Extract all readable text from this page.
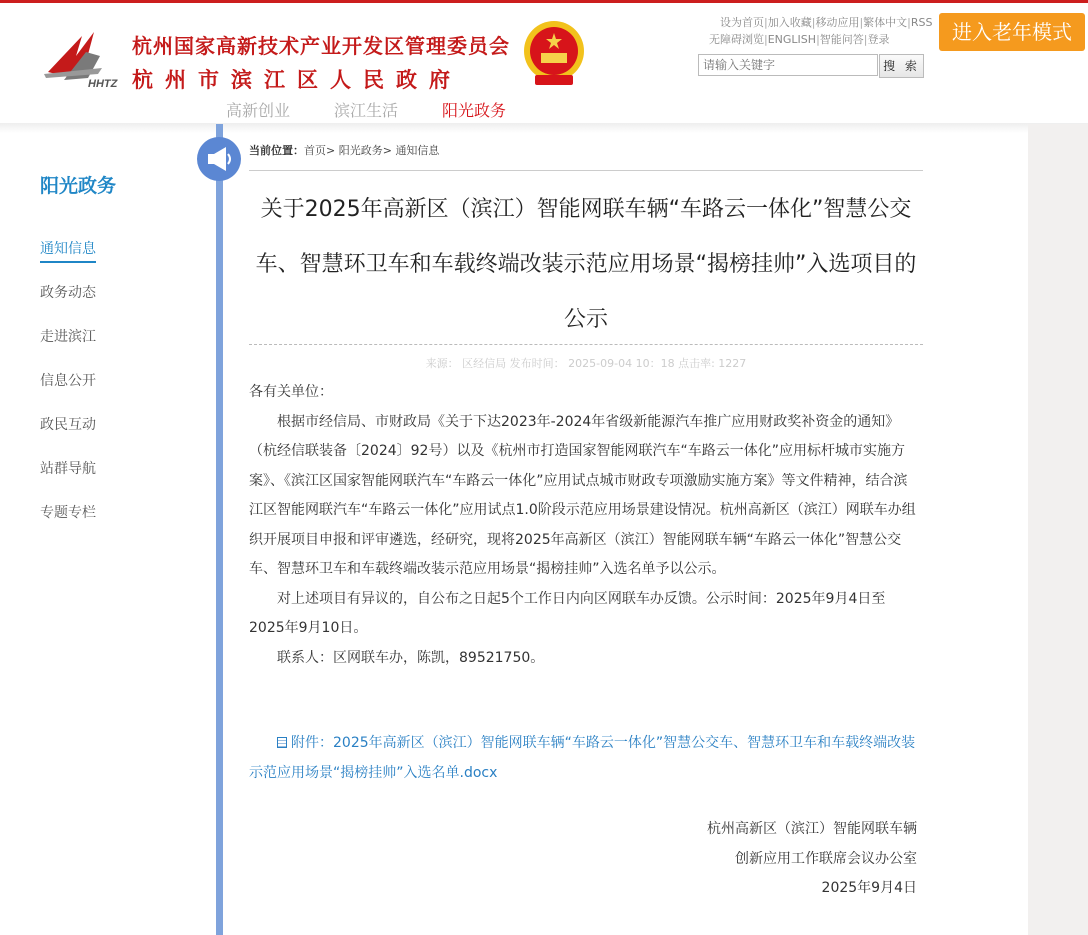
HHTZ
杭州国家高新技术产业开发区管理委员会
杭州市滨江区人民政府
设为首页|加入收藏|移动应用|繁体中文|RSS
无障碍浏览|ENGLISH|智能问答|登录
请输入关键字
搜 索
进入老年模式
高新创业	滨江生活	阳光政务
阳光政务
通知信息
政务动态
走进滨江
信息公开
政民互动
站群导航
专题专栏
当前位置：首页> 阳光政务> 通知信息
关于2025年高新区（滨江）智能网联车辆“车路云一体化”智慧公交车、智慧环卫车和车载终端改装示范应用场景“揭榜挂帅”入选项目的公示
来源： 区经信局 发布时间： 2025-09-04 10：18 点击率: 1227

各有关单位：

根据市经信局、市财政局《关于下达2023年-2024年省级新能源汽车推广应用财政奖补资金的通知》（杭经信联装备〔2024〕92号）以及《杭州市打造国家智能网联汽车“车路云一体化”应用标杆城市实施方案》、《滨江区国家智能网联汽车“车路云一体化”应用试点城市财政专项激励实施方案》等文件精神，结合滨江区智能网联汽车“车路云一体化”应用试点1.0阶段示范应用场景建设情况。杭州高新区（滨江）网联车办组织开展项目申报和评审遴选，经研究，现将2025年高新区（滨江）智能网联车辆“车路云一体化”智慧公交车、智慧环卫车和车载终端改装示范应用场景“揭榜挂帅”入选名单予以公示。

对上述项目有异议的，自公布之日起5个工作日内向区网联车办反馈。公示时间：2025年9月4日至2025年9月10日。

联系人：区网联车办，陈凯，89521750。

附件：2025年高新区（滨江）智能网联车辆“车路云一体化”智慧公交车、智慧环卫车和车载终端改装示范应用场景“揭榜挂帅”入选名单.docx
杭州高新区（滨江）智能网联车辆
创新应用工作联席会议办公室
2025年9月4日
